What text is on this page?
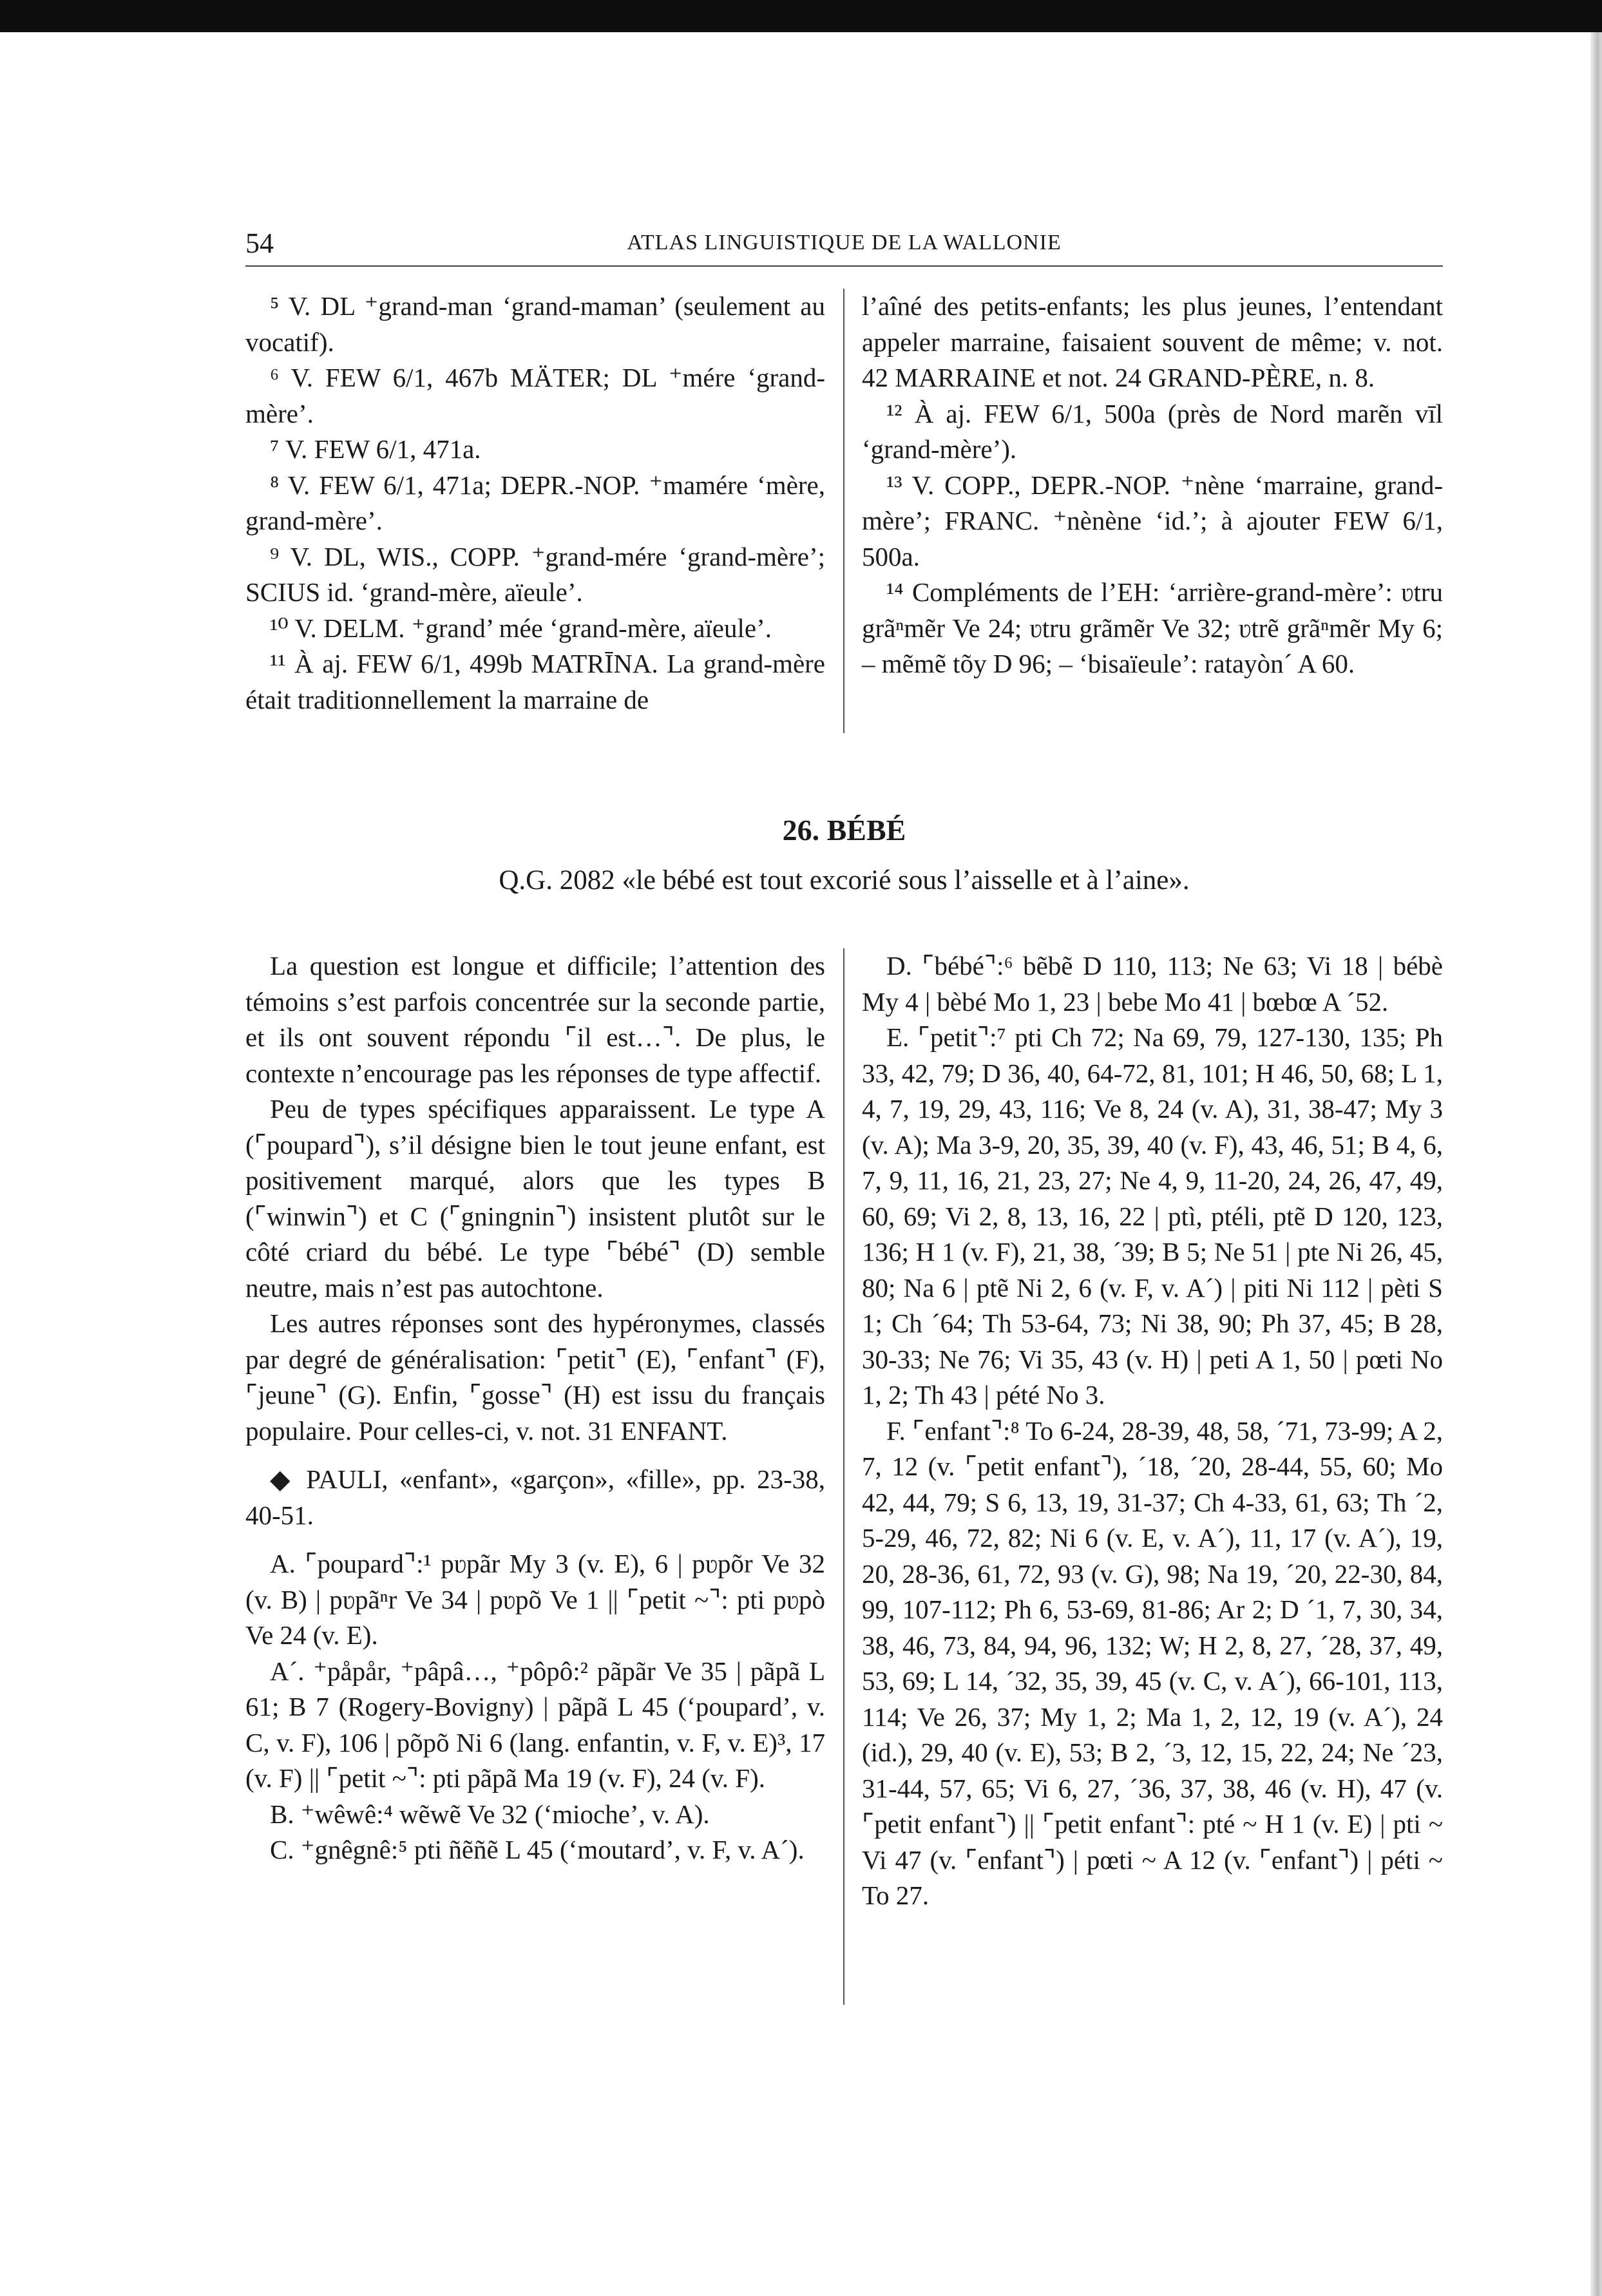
54	ATLAS LINGUISTIQUE DE LA WALLONIE

⁵ V. DL ⁺grand-man ‘grand-maman’ (seulement au vocatif).

⁶ V. FEW 6/1, 467b MÄTER; DL ⁺mére ‘grand-mère’.

⁷ V. FEW 6/1, 471a.

⁸ V. FEW 6/1, 471a; DEPR.-NOP. ⁺mamére ‘mère, grand-mère’.

⁹ V. DL, WIS., COPP. ⁺grand-mére ‘grand-mère’; SCIUS id. ‘grand-mère, aïeule’.

¹⁰ V. DELM. ⁺grand’ mée ‘grand-mère, aïeule’.

¹¹ À aj. FEW 6/1, 499b MATRĪNA. La grand-mère était traditionnellement la marraine de

l’aîné des petits-enfants; les plus jeunes, l’entendant appeler marraine, faisaient souvent de même; v. not. 42 MARRAINE et not. 24 GRAND-PÈRE, n. 8.

¹² À aj. FEW 6/1, 500a (près de Nord marẽn vīl ‘grand-mère’).

¹³ V. COPP., DEPR.-NOP. ⁺nène ‘marraine, grand-mère’; FRANC. ⁺nènène ‘id.’; à ajouter FEW 6/1, 500a.

¹⁴ Compléments de l’EH: ‘arrière-grand-mère’: ʋtru grãⁿmẽr Ve 24; ʋtru grãmẽr Ve 32; ʋtrẽ grãⁿmẽr My 6; – mẽmẽ tõy D 96; – ‘bisaïeule’: ratayòn´ A 60.

26. BÉBÉ
Q.G. 2082 «le bébé est tout excorié sous l’aisselle et à l’aine».

La question est longue et difficile; l’attention des témoins s’est parfois concentrée sur la seconde partie, et ils ont souvent répondu ⌜il est…⌝. De plus, le contexte n’encourage pas les réponses de type affectif.

Peu de types spécifiques apparaissent. Le type A (⌜poupard⌝), s’il désigne bien le tout jeune enfant, est positivement marqué, alors que les types B (⌜winwin⌝) et C (⌜gningnin⌝) insistent plutôt sur le côté criard du bébé. Le type ⌜bébé⌝ (D) semble neutre, mais n’est pas autochtone.

Les autres réponses sont des hypéronymes, classés par degré de généralisation: ⌜petit⌝ (E), ⌜enfant⌝ (F), ⌜jeune⌝ (G). Enfin, ⌜gosse⌝ (H) est issu du français populaire. Pour celles-ci, v. not. 31 ENFANT.

◆ PAULI, «enfant», «garçon», «fille», pp. 23-38, 40-51.

A. ⌜poupard⌝:¹ pʋpãr My 3 (v. E), 6 | pʋpõr Ve 32 (v. B) | pʋpãⁿr Ve 34 | pʋpõ Ve 1 || ⌜petit ~⌝: pti pʋpò Ve 24 (v. E).

A´. ⁺påpår, ⁺pâpâ…, ⁺pôpô:² pãpãr Ve 35 | pãpã L 61; B 7 (Rogery-Bovigny) | pãpã L 45 (‘poupard’, v. C, v. F), 106 | põpõ Ni 6 (lang. enfantin, v. F, v. E)³, 17 (v. F) || ⌜petit ~⌝: pti pãpã Ma 19 (v. F), 24 (v. F).

B. ⁺wêwê:⁴ wẽwẽ Ve 32 (‘mioche’, v. A).

C. ⁺gnêgnê:⁵ pti ñẽñẽ L 45 (‘moutard’, v. F, v. A´).

D. ⌜bébé⌝:⁶ bẽbẽ D 110, 113; Ne 63; Vi 18 | bébè My 4 | bèbé Mo 1, 23 | bebe Mo 41 | bœbœ A ´52.

E. ⌜petit⌝:⁷ pti Ch 72; Na 69, 79, 127-130, 135; Ph 33, 42, 79; D 36, 40, 64-72, 81, 101; H 46, 50, 68; L 1, 4, 7, 19, 29, 43, 116; Ve 8, 24 (v. A), 31, 38-47; My 3 (v. A); Ma 3-9, 20, 35, 39, 40 (v. F), 43, 46, 51; B 4, 6, 7, 9, 11, 16, 21, 23, 27; Ne 4, 9, 11-20, 24, 26, 47, 49, 60, 69; Vi 2, 8, 13, 16, 22 | ptì, ptéli, ptẽ D 120, 123, 136; H 1 (v. F), 21, 38, ´39; B 5; Ne 51 | pte Ni 26, 45, 80; Na 6 | ptẽ Ni 2, 6 (v. F, v. A´) | piti Ni 112 | pèti S 1; Ch ´64; Th 53-64, 73; Ni 38, 90; Ph 37, 45; B 28, 30-33; Ne 76; Vi 35, 43 (v. H) | peti A 1, 50 | pœti No 1, 2; Th 43 | pété No 3.

F. ⌜enfant⌝:⁸ To 6-24, 28-39, 48, 58, ´71, 73-99; A 2, 7, 12 (v. ⌜petit enfant⌝), ´18, ´20, 28-44, 55, 60; Mo 42, 44, 79; S 6, 13, 19, 31-37; Ch 4-33, 61, 63; Th ´2, 5-29, 46, 72, 82; Ni 6 (v. E, v. A´), 11, 17 (v. A´), 19, 20, 28-36, 61, 72, 93 (v. G), 98; Na 19, ´20, 22-30, 84, 99, 107-112; Ph 6, 53-69, 81-86; Ar 2; D ´1, 7, 30, 34, 38, 46, 73, 84, 94, 96, 132; W; H 2, 8, 27, ´28, 37, 49, 53, 69; L 14, ´32, 35, 39, 45 (v. C, v. A´), 66-101, 113, 114; Ve 26, 37; My 1, 2; Ma 1, 2, 12, 19 (v. A´), 24 (id.), 29, 40 (v. E), 53; B 2, ´3, 12, 15, 22, 24; Ne ´23, 31-44, 57, 65; Vi 6, 27, ´36, 37, 38, 46 (v. H), 47 (v. ⌜petit enfant⌝) || ⌜petit enfant⌝: pté ~ H 1 (v. E) | pti ~ Vi 47 (v. ⌜enfant⌝) | pœti ~ A 12 (v. ⌜enfant⌝) | péti ~ To 27.
